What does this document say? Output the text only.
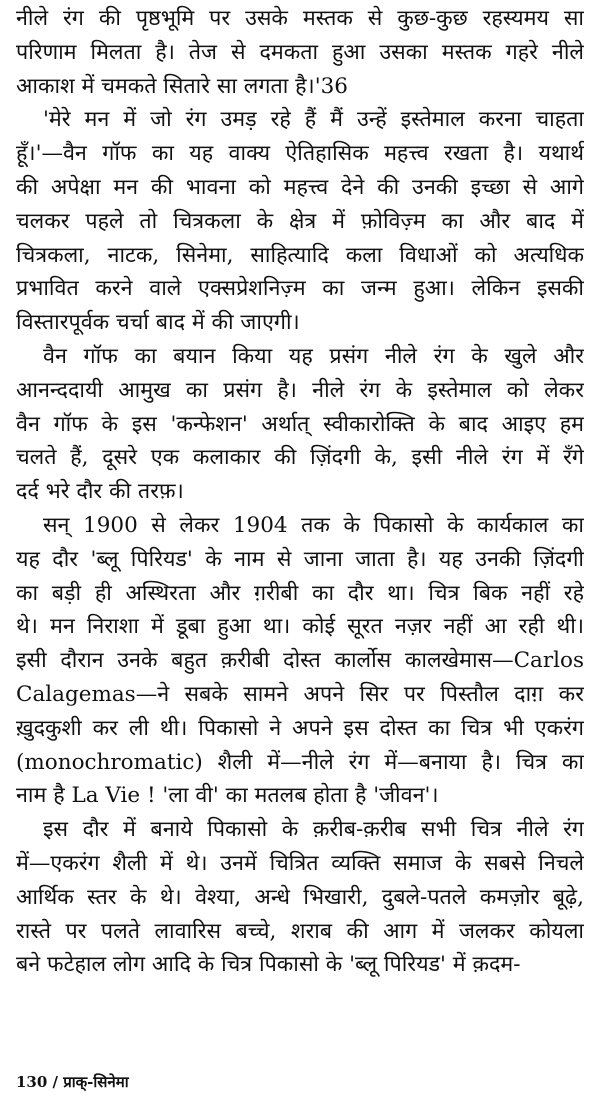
नीले रंग की पृष्ठभूमि पर उसके मस्तक से कुछ-कुछ रहस्यमय सा
परिणाम मिलता है। तेज से दमकता हुआ उसका मस्तक गहरे नीले
आकाश में चमकते सितारे सा लगता है।'36
'मेरे मन में जो रंग उमड़ रहे हैं मैं उन्हें इस्तेमाल करना चाहता
हूँ।'—वैन गॉफ का यह वाक्य ऐतिहासिक महत्त्व रखता है। यथार्थ
की अपेक्षा मन की भावना को महत्त्व देने की उनकी इच्छा से आगे
चलकर पहले तो चित्रकला के क्षेत्र में फ़ोविज़्म का और बाद में
चित्रकला, नाटक, सिनेमा, साहित्यादि कला विधाओं को अत्यधिक
प्रभावित करने वाले एक्सप्रेशनिज़्म का जन्म हुआ। लेकिन इसकी
विस्तारपूर्वक चर्चा बाद में की जाएगी।
वैन गॉफ का बयान किया यह प्रसंग नीले रंग के खुले और
आनन्ददायी आमुख का प्रसंग है। नीले रंग के इस्तेमाल को लेकर
वैन गॉफ के इस 'कन्फेशन' अर्थात् स्वीकारोक्ति के बाद आइए हम
चलते हैं, दूसरे एक कलाकार की ज़िंदगी के, इसी नीले रंग में रँगे
दर्द भरे दौर की तरफ़।
सन् 1900 से लेकर 1904 तक के पिकासो के कार्यकाल का
यह दौर 'ब्लू पिरियड' के नाम से जाना जाता है। यह उनकी ज़िंदगी
का बड़ी ही अस्थिरता और ग़रीबी का दौर था। चित्र बिक नहीं रहे
थे। मन निराशा में डूबा हुआ था। कोई सूरत नज़र नहीं आ रही थी।
इसी दौरान उनके बहुत क़रीबी दोस्त कार्लोस कालखेमास—Carlos
Calagemas—ने सबके सामने अपने सिर पर पिस्तौल दाग़ कर
ख़ुदकुशी कर ली थी। पिकासो ने अपने इस दोस्त का चित्र भी एकरंग
(monochromatic) शैली में—नीले रंग में—बनाया है। चित्र का
नाम है La Vie ! 'ला वी' का मतलब होता है 'जीवन'।
इस दौर में बनाये पिकासो के क़रीब-क़रीब सभी चित्र नीले रंग
में—एकरंग शैली में थे। उनमें चित्रित व्यक्ति समाज के सबसे निचले
आर्थिक स्तर के थे। वेश्या, अन्धे भिखारी, दुबले-पतले कमज़ोर बूढ़े,
रास्ते पर पलते लावारिस बच्चे, शराब की आग में जलकर कोयला
बने फटेहाल लोग आदि के चित्र पिकासो के 'ब्लू पिरियड' में क़दम-
130 / प्राक्-सिनेमा
